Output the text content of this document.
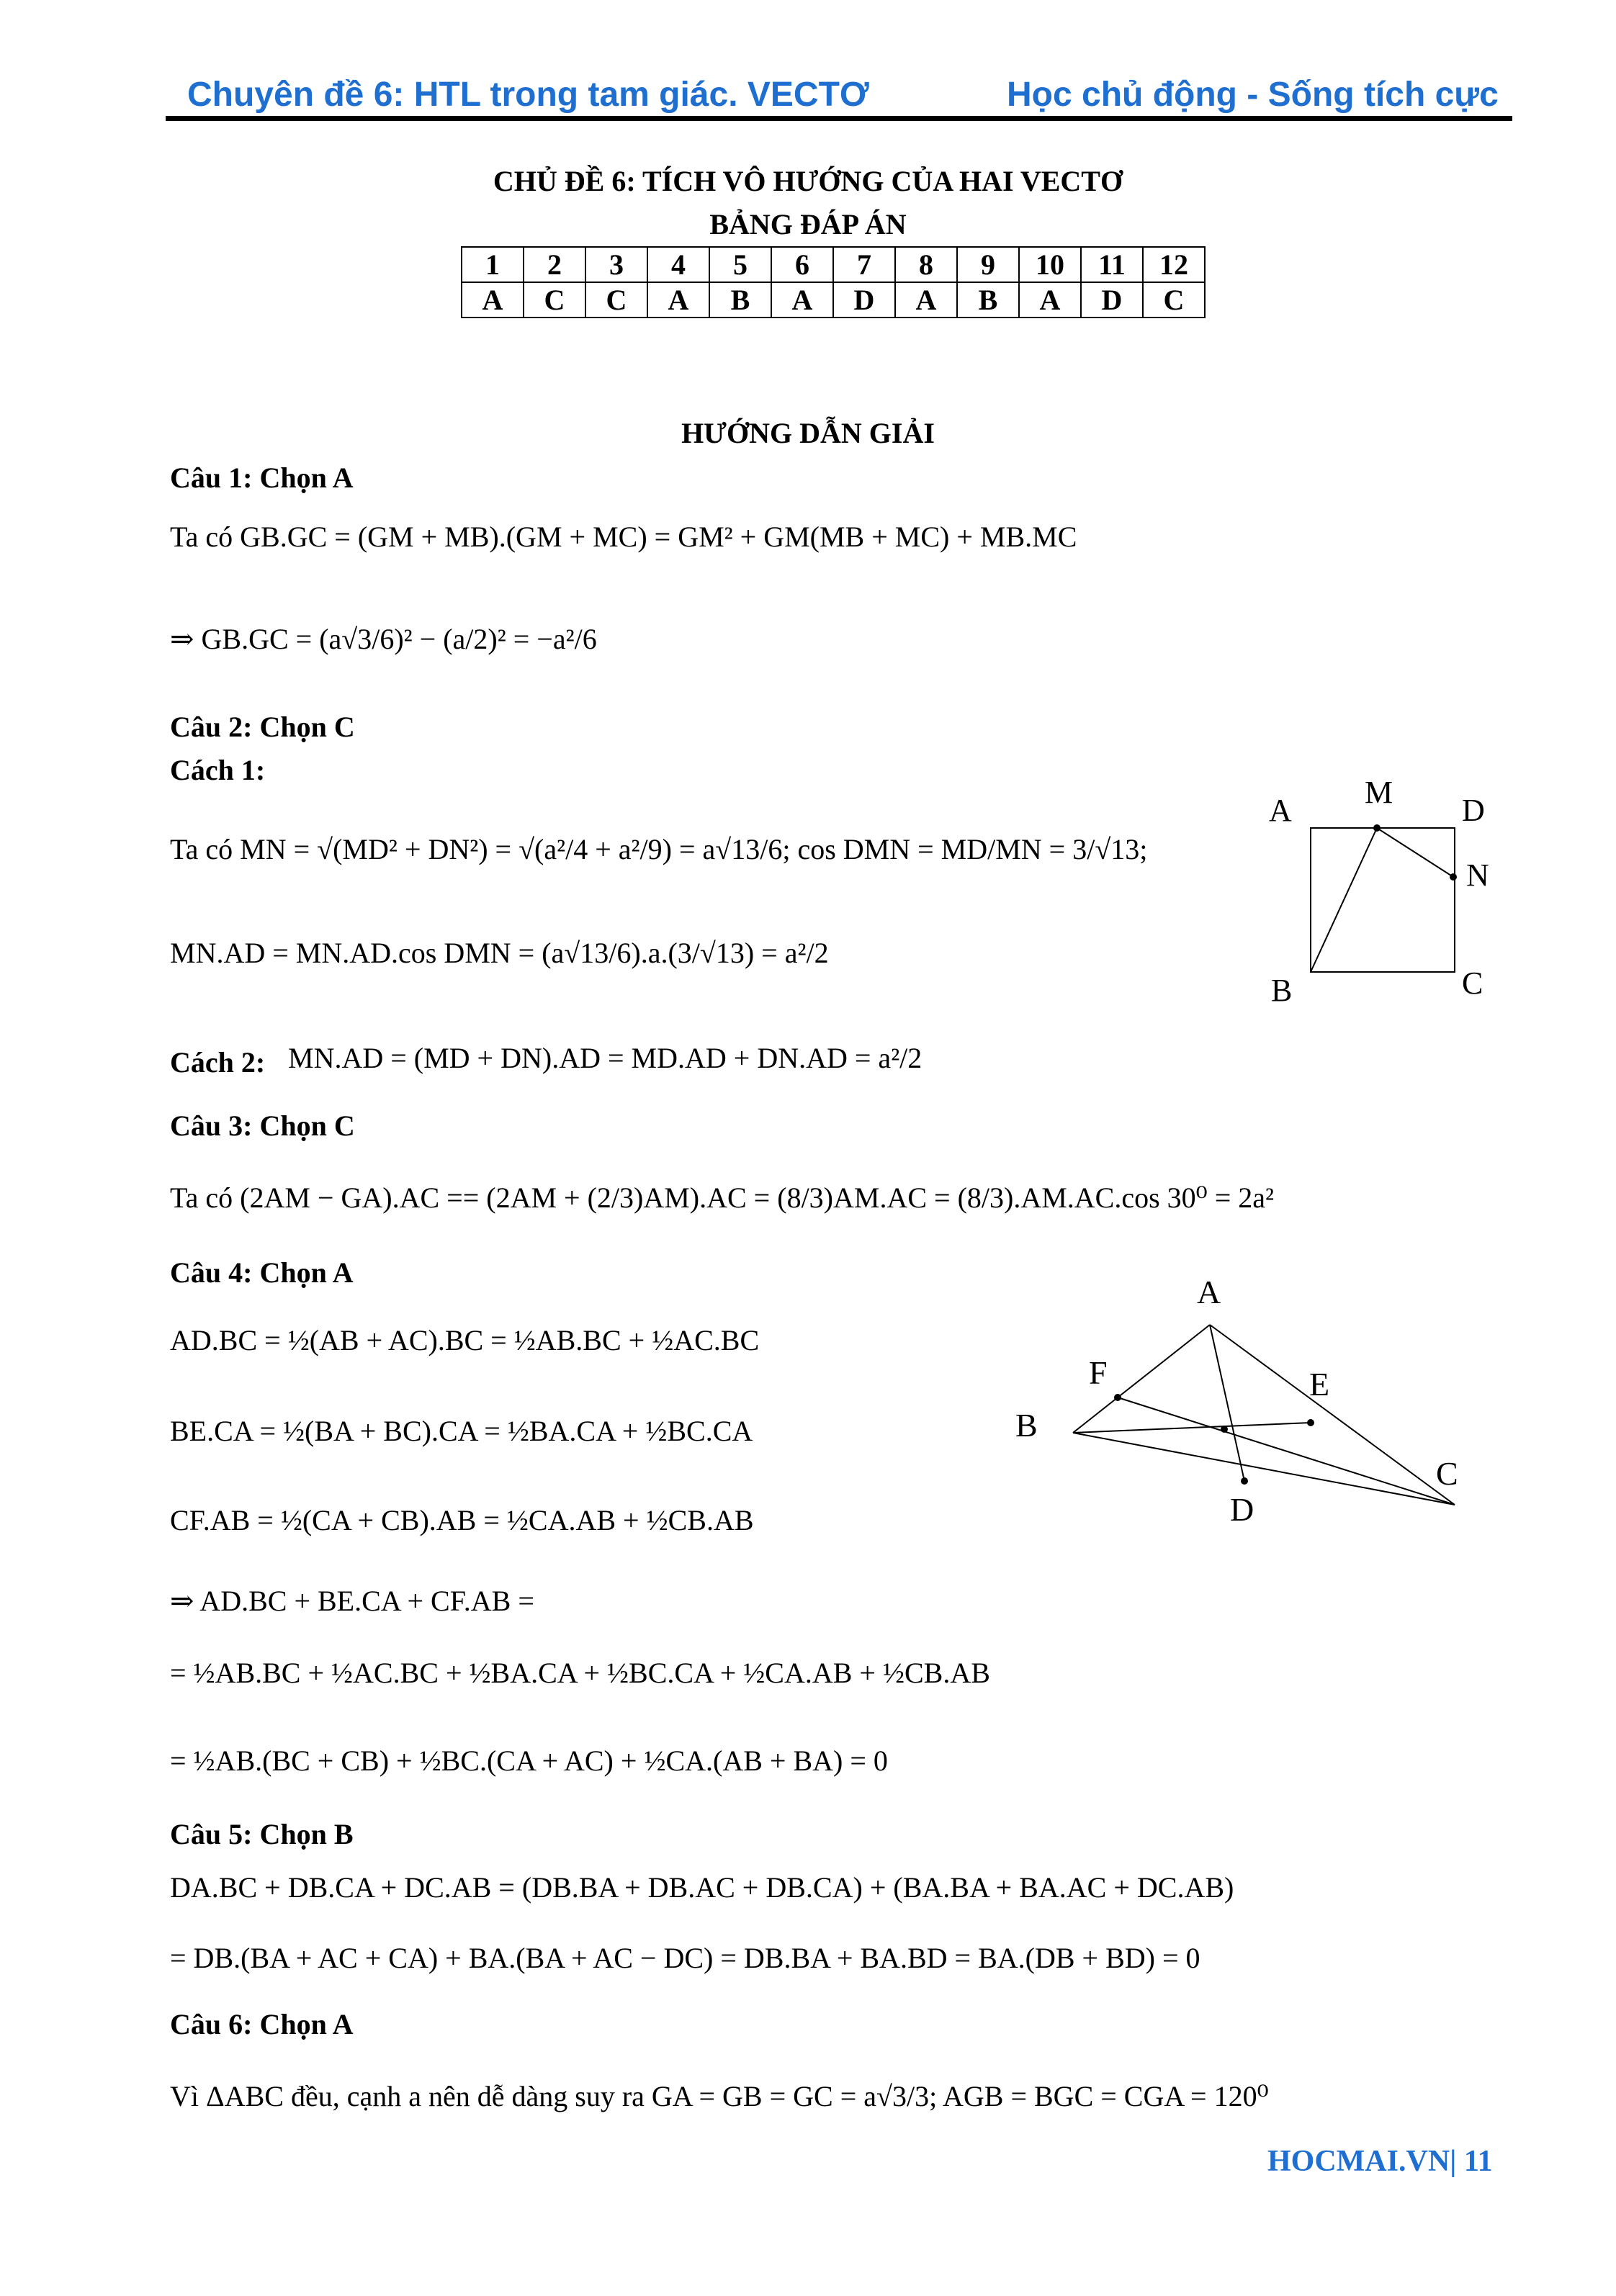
Chuyên đề 6: HTL trong tam giác. VECTƠ	Học chủ động - Sống tích cực
CHỦ ĐỀ 6: TÍCH VÔ HƯỚNG CỦA HAI VECTƠ
BẢNG ĐÁP ÁN
1	2	3	4	5	6	7	8	9	10	11	12
A	C	C	A	B	A	D	A	B	A	D	C
HƯỚNG DẪN GIẢI
Câu 1: Chọn A
Ta có GB.GC = (GM + MB).(GM + MC) = GM² + GM(MB + MC) + MB.MC
⇒ GB.GC = (a√3/6)² − (a/2)² = −a²/6
Câu 2: Chọn C
Cách 1:
Ta có MN = √(MD² + DN²) = √(a²/4 + a²/9) = a√13/6; cos DMN = MD/MN = 3/√13;
MN.AD = MN.AD.cos DMN = (a√13/6).a.(3/√13) = a²/2
Cách 2: MN.AD = (MD + DN).AD = MD.AD + DN.AD = a²/2
A
M
D
N
B	C
Câu 3: Chọn C
Ta có (2AM − GA).AC == (2AM + (2/3)AM).AC = (8/3)AM.AC = (8/3).AM.AC.cos 30⁰ = 2a²
Câu 4: Chọn A
AD.BC = ½(AB + AC).BC = ½AB.BC + ½AC.BC
BE.CA = ½(BA + BC).CA = ½BA.CA + ½BC.CA
CF.AB = ½(CA + CB).AB = ½CA.AB + ½CB.AB
⇒ AD.BC + BE.CA + CF.AB =
= ½AB.BC + ½AC.BC + ½BA.CA + ½BC.CA + ½CA.AB + ½CB.AB
= ½AB.(BC + CB) + ½BC.(CA + AC) + ½CA.(AB + BA) = 0
A
F	E
B
C
D
Câu 5: Chọn B
DA.BC + DB.CA + DC.AB = (DB.BA + DB.AC + DB.CA) + (BA.BA + BA.AC + DC.AB)
= DB.(BA + AC + CA) + BA.(BA + AC − DC) = DB.BA + BA.BD = BA.(DB + BD) = 0
Câu 6: Chọn A
Vì ΔABC đều, cạnh a nên dễ dàng suy ra GA = GB = GC = a√3/3; AGB = BGC = CGA = 120⁰
HOCMAI.VN| 11
